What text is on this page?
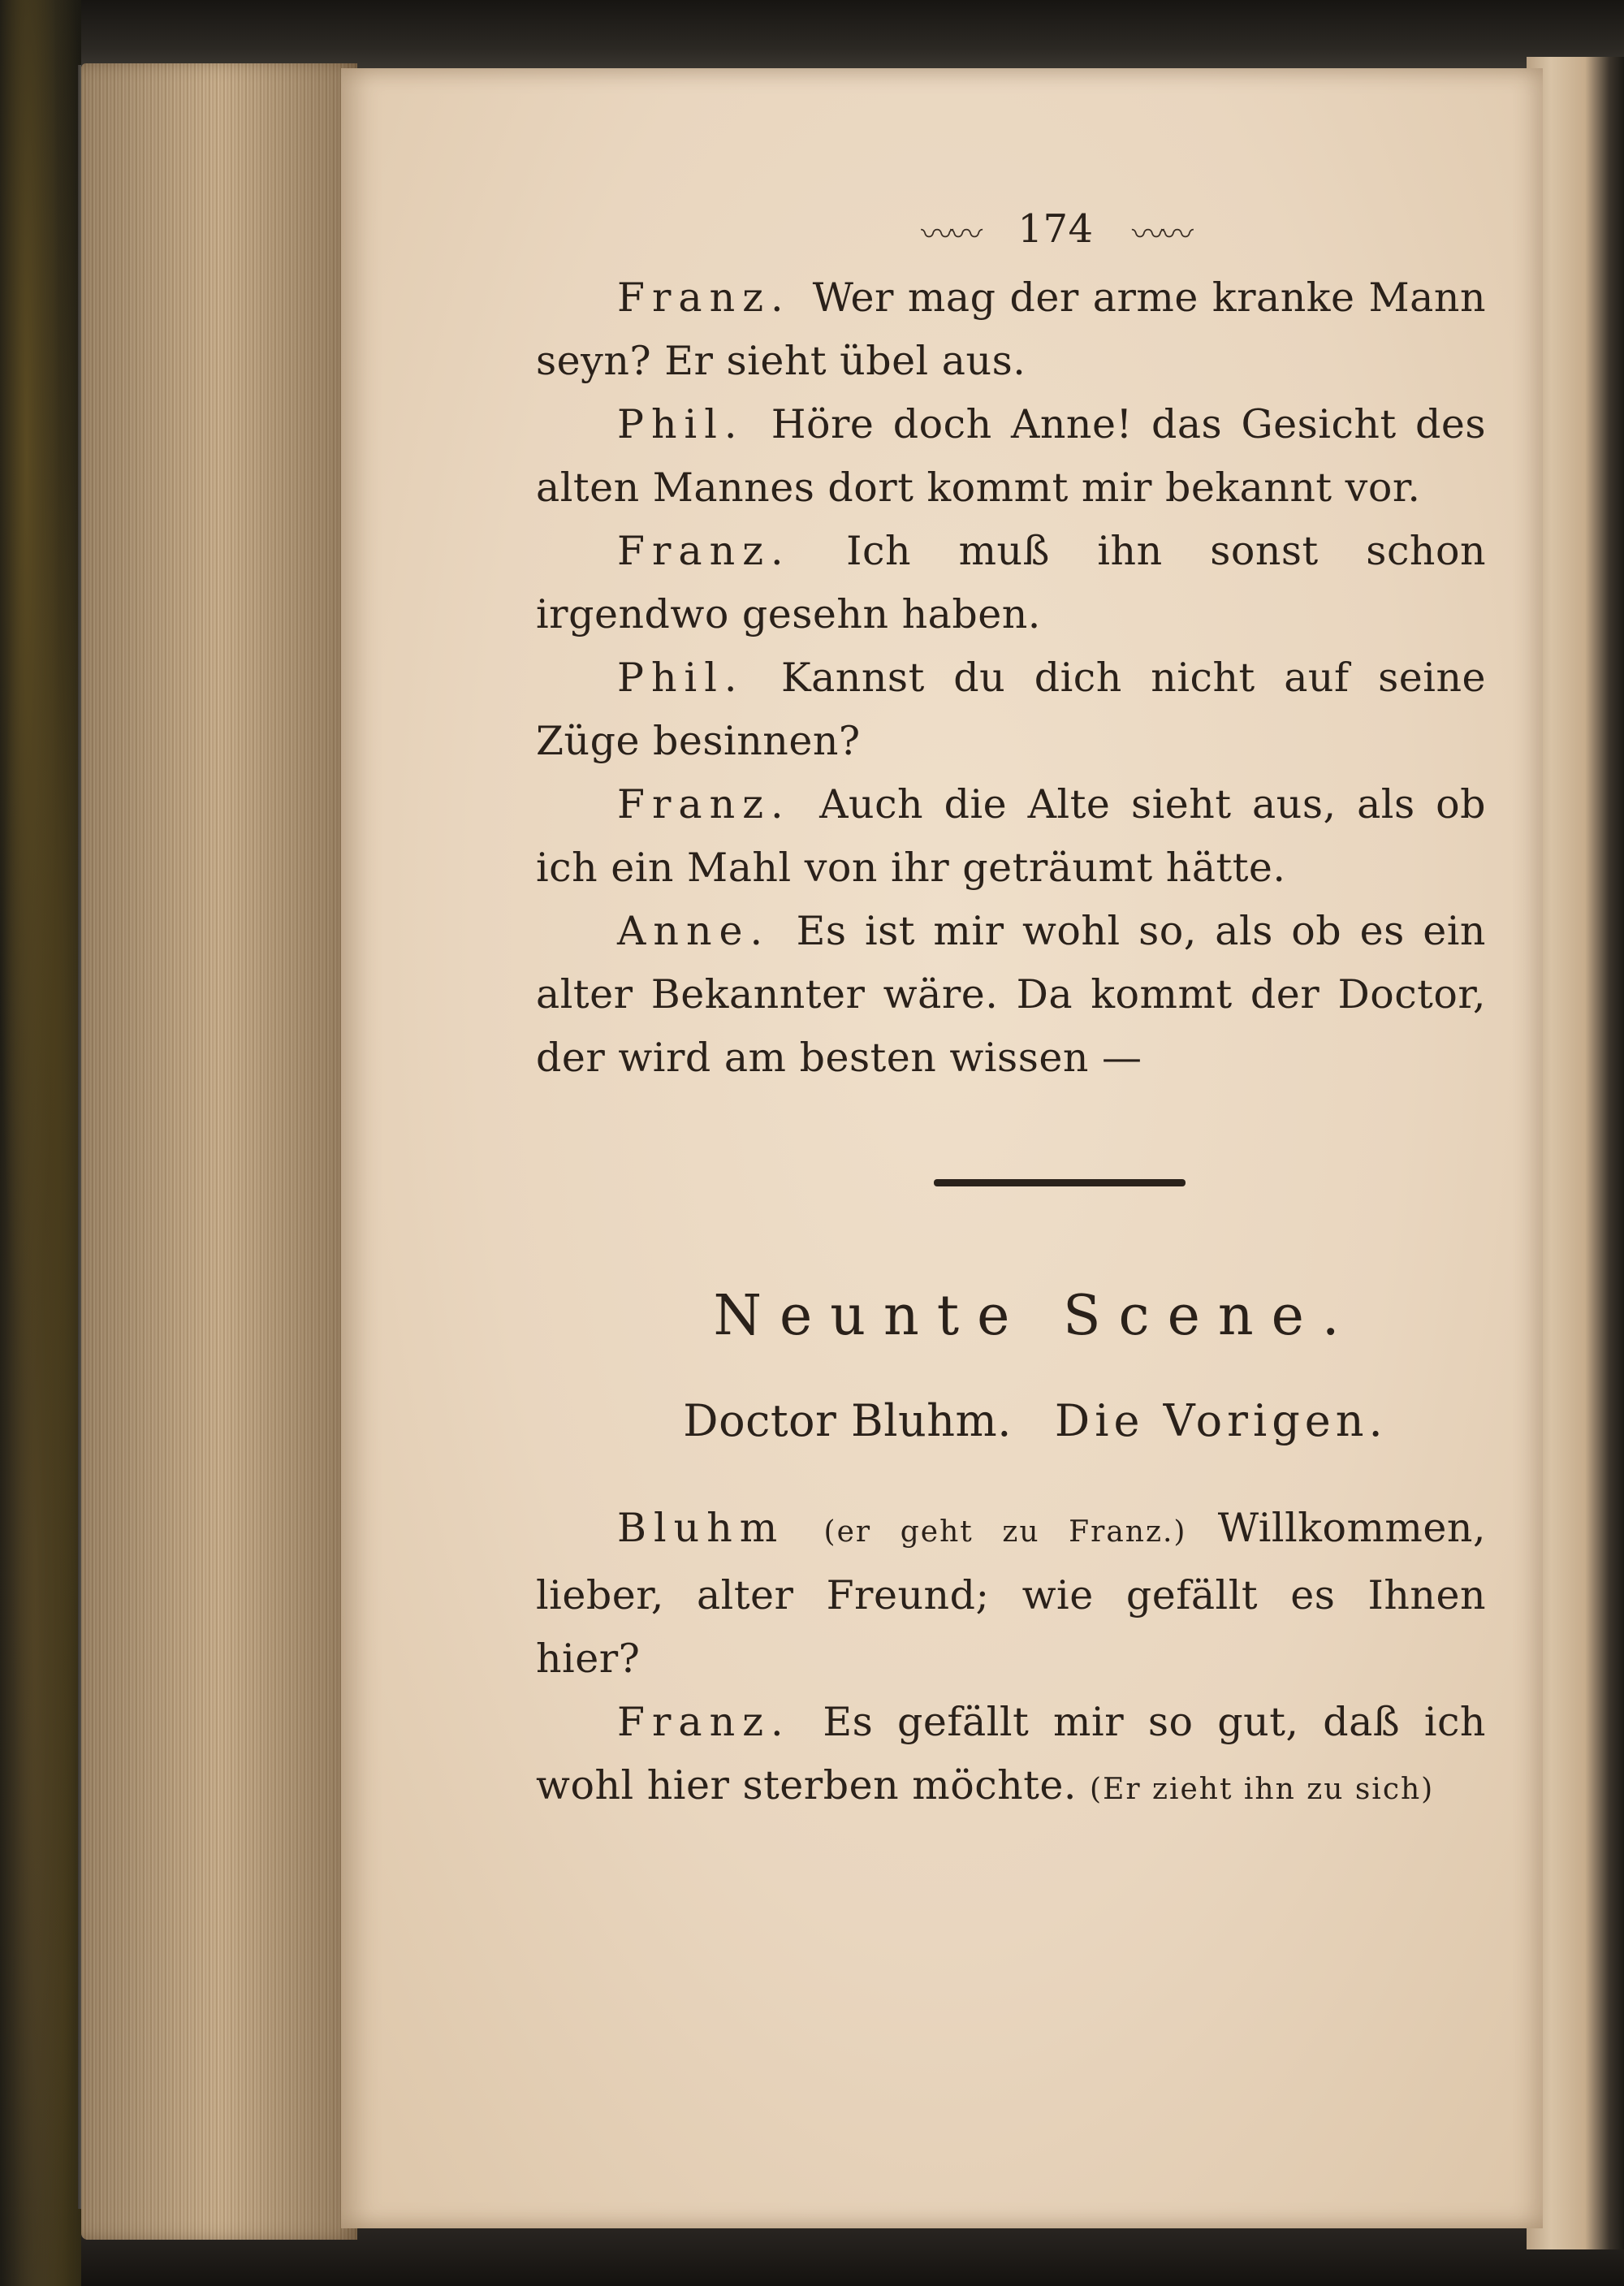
〰〰 174 〰〰

Franz. Wer mag der arme kranke Mann seyn? Er sieht übel aus.

Phil. Höre doch Anne! das Gesicht des alten Mannes dort kommt mir bekannt vor.

Franz. Ich muß ihn sonst schon irgendwo gesehn haben.

Phil. Kannst du dich nicht auf seine Züge besinnen?

Franz. Auch die Alte sieht aus, als ob ich ein Mahl von ihr geträumt hätte.

Anne. Es ist mir wohl so, als ob es ein alter Bekannter wäre. Da kommt der Doctor, der wird am besten wissen —

Neunte Scene.
Doctor Bluhm. Die Vorigen.

Bluhm (er geht zu Franz.) Willkommen, lieber, alter Freund; wie gefällt es Ihnen hier?

Franz. Es gefällt mir so gut, daß ich wohl hier sterben möchte. (Er zieht ihn zu sich)
